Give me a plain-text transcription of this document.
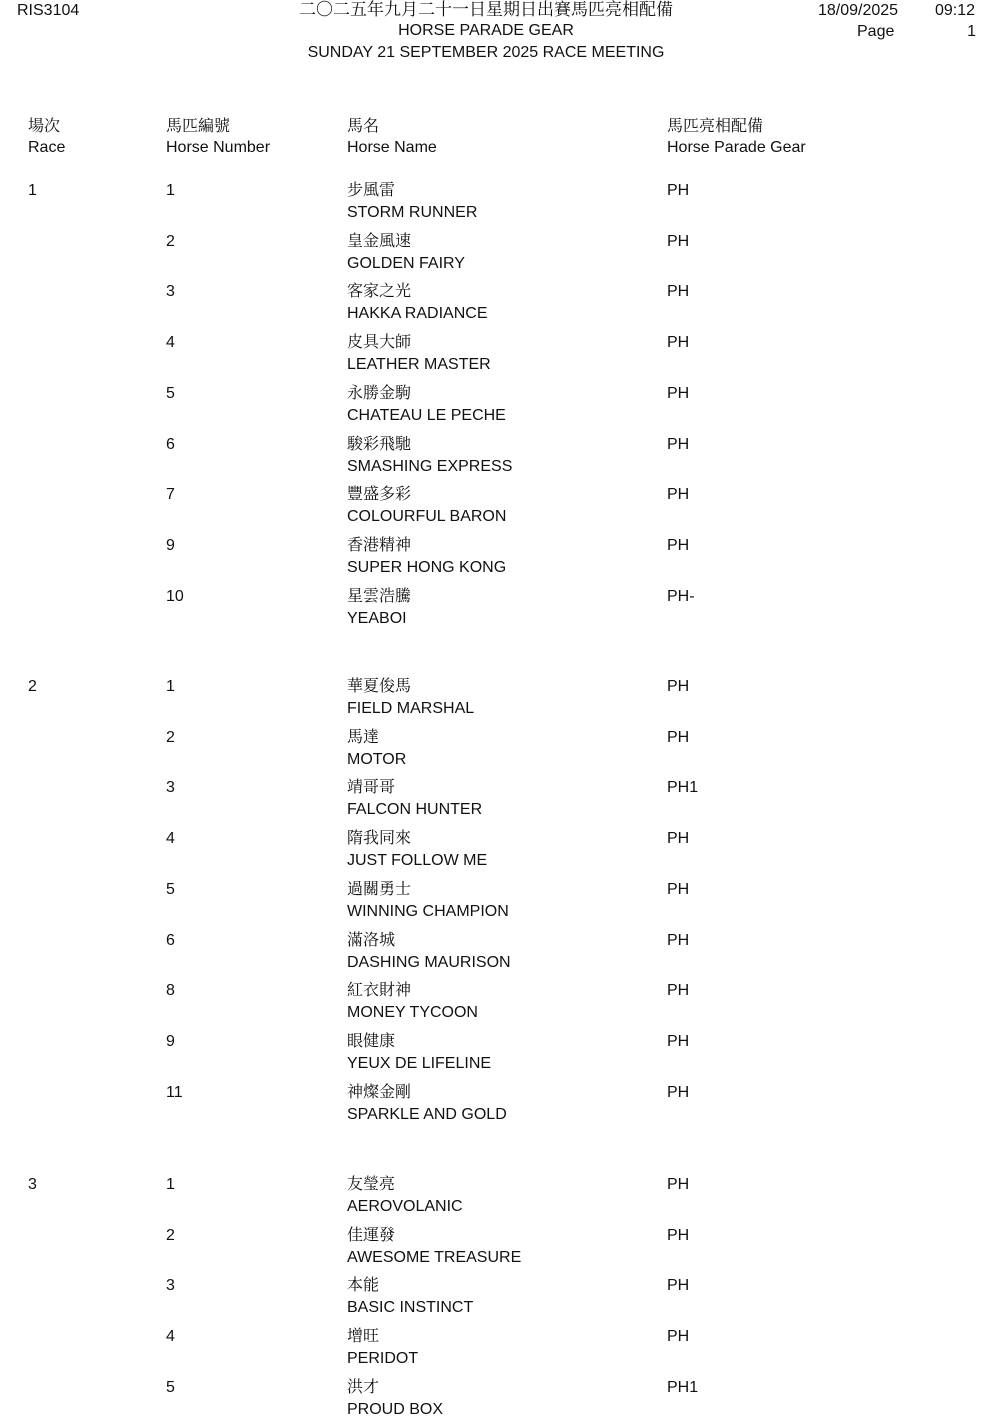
RIS3104	二〇二五年九月二十一日星期日出賽馬匹亮相配備
HORSE PARADE GEAR
SUNDAY 21 SEPTEMBER 2025 RACE MEETING
18/09/2025 09:12
Page	1
場次
Race
馬匹編號
Horse Number
馬名
Horse Name
馬匹亮相配備
Horse Parade Gear
1	1	步風雷
STORM RUNNER
PH
2	皇金風速
GOLDEN FAIRY
PH
3	客家之光
HAKKA RADIANCE
PH
4	皮具大師
LEATHER MASTER
PH
5	永勝金駒
CHATEAU LE PECHE
PH
6	駿彩飛馳
SMASHING EXPRESS
PH
7	豐盛多彩
COLOURFUL BARON
PH
9	香港精神
SUPER HONG KONG
PH
10	星雲浩騰
YEABOI
PH-
2	1	華夏俊馬
FIELD MARSHAL
PH
2	馬達
MOTOR
PH
3	靖哥哥
FALCON HUNTER
PH1
4	隋我同來
JUST FOLLOW ME
PH
5	過關勇士
WINNING CHAMPION
PH
6	滿洛城
DASHING MAURISON
PH
8	紅衣財神
MONEY TYCOON
PH
9	眼健康
YEUX DE LIFELINE
PH
11	神燦金剛
SPARKLE AND GOLD
PH
3	1	友瑩亮
AEROVOLANIC
PH
2	佳運發
AWESOME TREASURE
PH
3	本能
BASIC INSTINCT
PH
4	增旺
PERIDOT
PH
5	洪才
PROUD BOX
PH1
